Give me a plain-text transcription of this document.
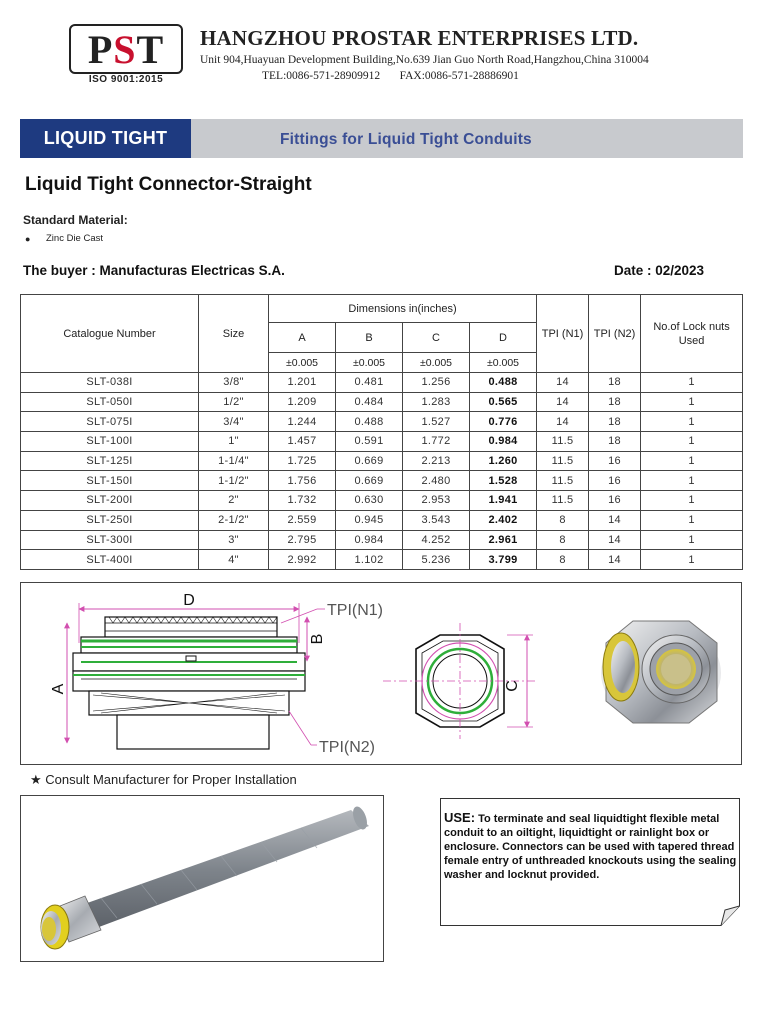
PST
ISO 9001:2015
HANGZHOU PROSTAR ENTERPRISES LTD.
Unit 904,Huayuan Development Building,No.639 Jian Guo North Road,Hangzhou,China 310004
TEL:0086-571-28909912 FAX:0086-571-28886901
LIQUID TIGHT	Fittings for Liquid Tight Conduits
Liquid Tight Connector-Straight
Standard Material:
● Zinc Die Cast
The buyer : Manufacturas Electricas S.A.	Date : 02/2023
Catalogue Number	Size	Dimensions in(inches)				TPI (N1)	TPI (N2)	No.of Lock nuts Used
		A	B	C	D			
		±0.005	±0.005	±0.005	±0.005			
SLT-038I	3/8"	1.201	0.481	1.256	0.488	14	18	1
SLT-050I	1/2"	1.209	0.484	1.283	0.565	14	18	1
SLT-075I	3/4"	1.244	0.488	1.527	0.776	14	18	1
SLT-100I	1"	1.457	0.591	1.772	0.984	11.5	18	1
SLT-125I	1-1/4"	1.725	0.669	2.213	1.260	11.5	16	1
SLT-150I	1-1/2"	1.756	0.669	2.480	1.528	11.5	16	1
SLT-200I	2"	1.732	0.630	2.953	1.941	11.5	16	1
SLT-250I	2-1/2"	2.559	0.945	3.543	2.402	8	14	1
SLT-300I	3"	2.795	0.984	4.252	2.961	8	14	1
SLT-400I	4"	2.992	1.102	5.236	3.799	8	14	1
D
A
B
TPI(N1)
TPI(N2)
C
★ Consult Manufacturer for Proper Installation
USE: To terminate and seal liquidtight flexible metal conduit to an oiltight, liquidtight or rainlight box or enclosure. Connectors can be used with tapered thread female entry of unthreaded knockouts using the sealing washer and locknut provided.
